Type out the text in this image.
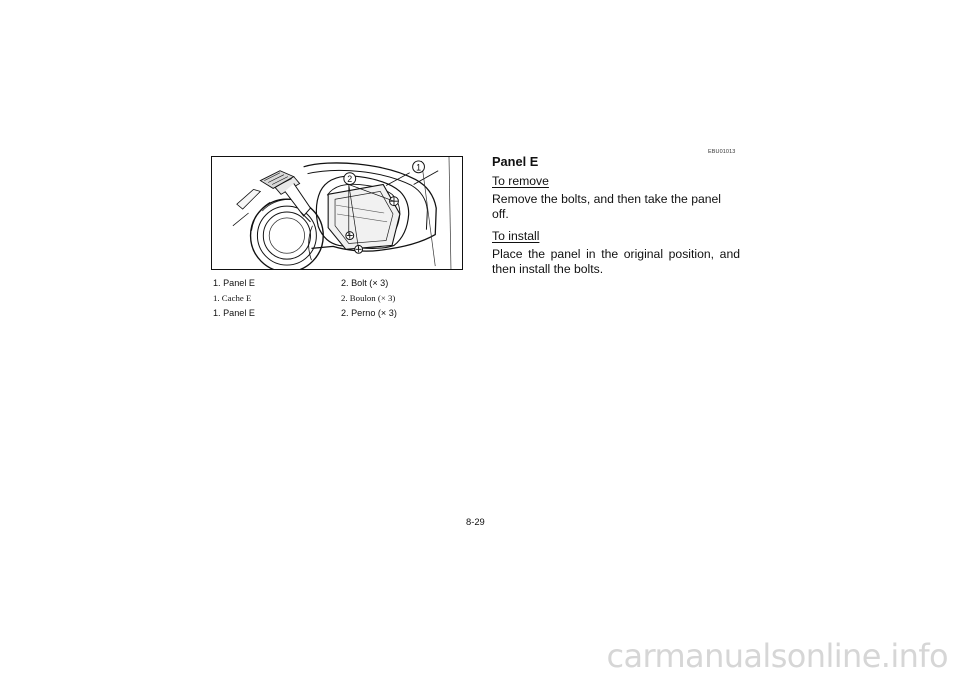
1
2
1. Panel E	2. Bolt (× 3)
1. Cache E	2. Boulon (× 3)
1. Panel E	2. Perno (× 3)
EBU01013
Panel E
To remove
Remove the bolts, and then take the panel off.
To install
Place the panel in the original position, and then install the bolts.
8-29
carmanualsonline.info
